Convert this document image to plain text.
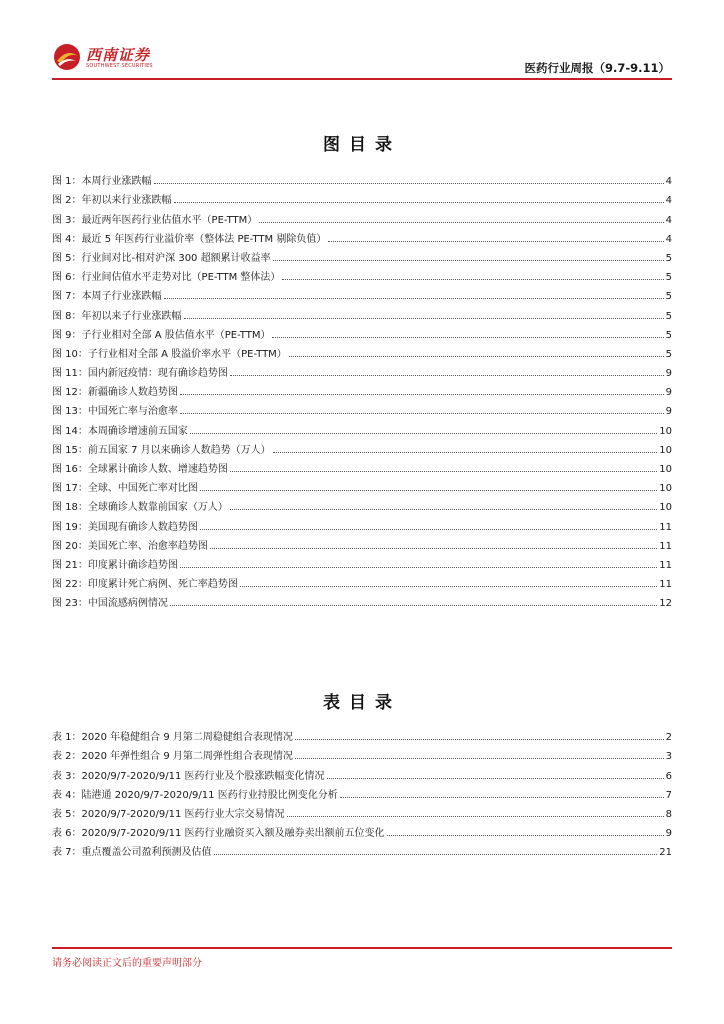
西南证券
SOUTHWEST SECURITIES	医药行业周报（9.7-9.11）
图目录
图 1：本周行业涨跌幅	4
图 2：年初以来行业涨跌幅	4
图 3：最近两年医药行业估值水平（PE-TTM）	4
图 4：最近 5 年医药行业溢价率（整体法 PE-TTM 剔除负值）	4
图 5：行业间对比-相对沪深 300 超额累计收益率	5
图 6：行业间估值水平走势对比（PE-TTM 整体法）	5
图 7：本周子行业涨跌幅	5
图 8：年初以来子行业涨跌幅	5
图 9：子行业相对全部 A 股估值水平（PE-TTM）	5
图 10：子行业相对全部 A 股溢价率水平（PE-TTM）	5
图 11：国内新冠疫情：现有确诊趋势图	9
图 12：新疆确诊人数趋势图	9
图 13：中国死亡率与治愈率	9
图 14：本周确诊增速前五国家	10
图 15：前五国家 7 月以来确诊人数趋势（万人）	10
图 16：全球累计确诊人数、增速趋势图	10
图 17：全球、中国死亡率对比图	10
图 18：全球确诊人数靠前国家（万人）	10
图 19：美国现有确诊人数趋势图	11
图 20：美国死亡率、治愈率趋势图	11
图 21：印度累计确诊趋势图	11
图 22：印度累计死亡病例、死亡率趋势图	11
图 23：中国流感病例情况	12
表目录
表 1：2020 年稳健组合 9 月第二周稳健组合表现情况	2
表 2：2020 年弹性组合 9 月第二周弹性组合表现情况	3
表 3：2020/9/7-2020/9/11 医药行业及个股涨跌幅变化情况	6
表 4：陆港通 2020/9/7-2020/9/11 医药行业持股比例变化分析	7
表 5：2020/9/7-2020/9/11 医药行业大宗交易情况	8
表 6：2020/9/7-2020/9/11 医药行业融资买入额及融券卖出额前五位变化	9
表 7：重点覆盖公司盈利预测及估值	21
请务必阅读正文后的重要声明部分
